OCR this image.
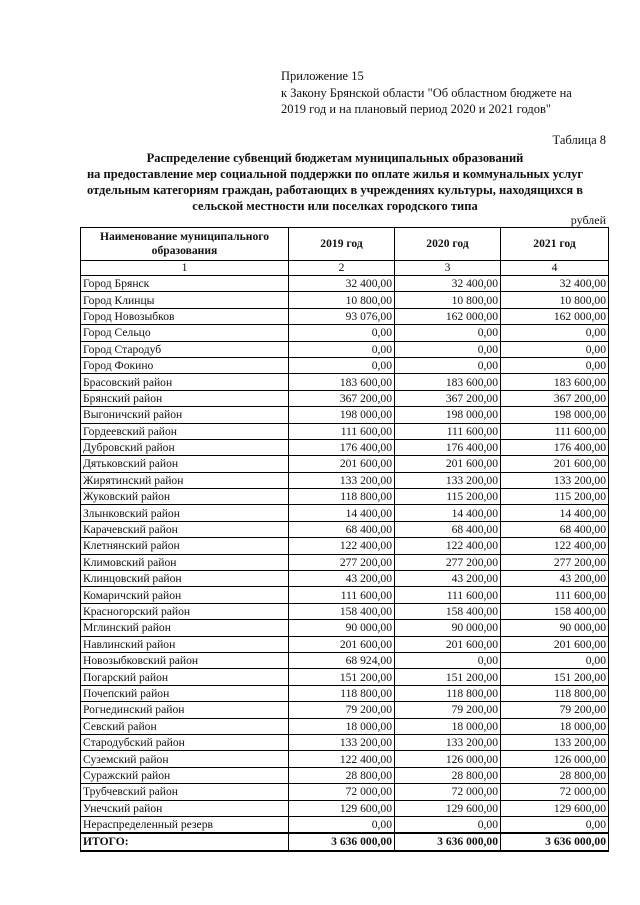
Приложение 15
к Закону Брянской области "Об областном бюджете на
2019 год и на плановый период 2020 и 2021 годов"
Таблица 8
Распределение субвенций бюджетам муниципальных образований
на предоставление мер социальной поддержки по оплате жилья и коммунальных услуг
отдельным категориям граждан, работающих в учреждениях культуры, находящихся в
сельской местности или поселках городского типа
рублей
Наименование муниципального образования	2019 год	2020 год	2021 год
1	2	3	4
Город Брянск	32 400,00	32 400,00	32 400,00
Город Клинцы	10 800,00	10 800,00	10 800,00
Город Новозыбков	93 076,00	162 000,00	162 000,00
Город Сельцо	0,00	0,00	0,00
Город Стародуб	0,00	0,00	0,00
Город Фокино	0,00	0,00	0,00
Брасовский район	183 600,00	183 600,00	183 600,00
Брянский район	367 200,00	367 200,00	367 200,00
Выгоничский район	198 000,00	198 000,00	198 000,00
Гордеевский район	111 600,00	111 600,00	111 600,00
Дубровский район	176 400,00	176 400,00	176 400,00
Дятьковский район	201 600,00	201 600,00	201 600,00
Жирятинский район	133 200,00	133 200,00	133 200,00
Жуковский район	118 800,00	115 200,00	115 200,00
Злынковский район	14 400,00	14 400,00	14 400,00
Карачевский район	68 400,00	68 400,00	68 400,00
Клетнянский район	122 400,00	122 400,00	122 400,00
Климовский район	277 200,00	277 200,00	277 200,00
Клинцовский район	43 200,00	43 200,00	43 200,00
Комаричский район	111 600,00	111 600,00	111 600,00
Красногорский район	158 400,00	158 400,00	158 400,00
Мглинский район	90 000,00	90 000,00	90 000,00
Навлинский район	201 600,00	201 600,00	201 600,00
Новозыбковский район	68 924,00	0,00	0,00
Погарский район	151 200,00	151 200,00	151 200,00
Почепский район	118 800,00	118 800,00	118 800,00
Рогнединский район	79 200,00	79 200,00	79 200,00
Севский район	18 000,00	18 000,00	18 000,00
Стародубский район	133 200,00	133 200,00	133 200,00
Суземский район	122 400,00	126 000,00	126 000,00
Суражский район	28 800,00	28 800,00	28 800,00
Трубчевский район	72 000,00	72 000,00	72 000,00
Унечский район	129 600,00	129 600,00	129 600,00
Нераспределенный резерв	0,00	0,00	0,00
ИТОГО:	3 636 000,00	3 636 000,00	3 636 000,00
